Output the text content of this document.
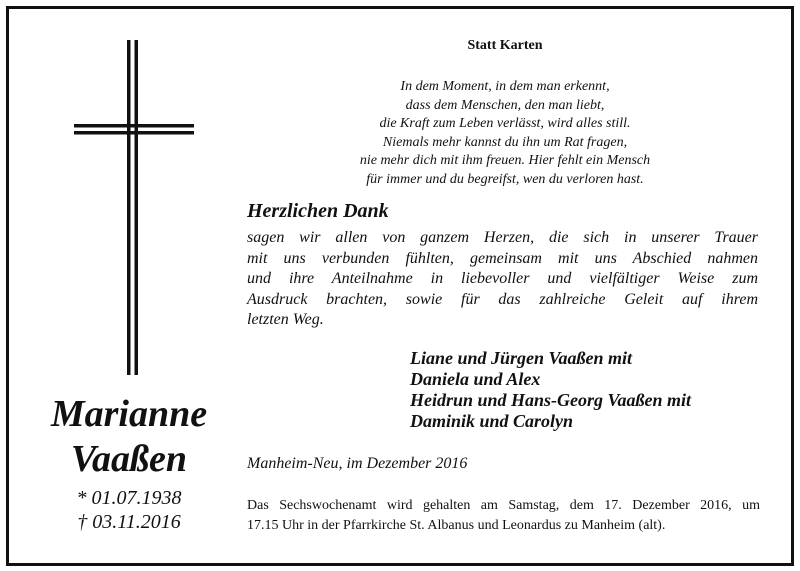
Statt Karten
In dem Moment, in dem man erkennt,
dass dem Menschen, den man liebt,
die Kraft zum Leben verlässt, wird alles still.
Niemals mehr kannst du ihn um Rat fragen,
nie mehr dich mit ihm freuen. Hier fehlt ein Mensch
für immer und du begreifst, wen du verloren hast.
Herzlichen Dank
sagen wir allen von ganzem Herzen, die sich in unserer Trauer
mit uns verbunden fühlten, gemeinsam mit uns Abschied nahmen
und ihre Anteilnahme in liebevoller und vielfältiger Weise zum
Ausdruck brachten, sowie für das zahlreiche Geleit auf ihrem
letzten Weg.
Liane und Jürgen Vaaßen mit
Daniela und Alex
Heidrun und Hans-Georg Vaaßen mit
Daminik und Carolyn
Marianne
Vaaßen
* 01.07.1938
† 03.11.2016
Manheim-Neu, im Dezember 2016
Das Sechswochenamt wird gehalten am Samstag, dem 17. Dezember 2016, um
17.15 Uhr in der Pfarrkirche St. Albanus und Leonardus zu Manheim (alt).
